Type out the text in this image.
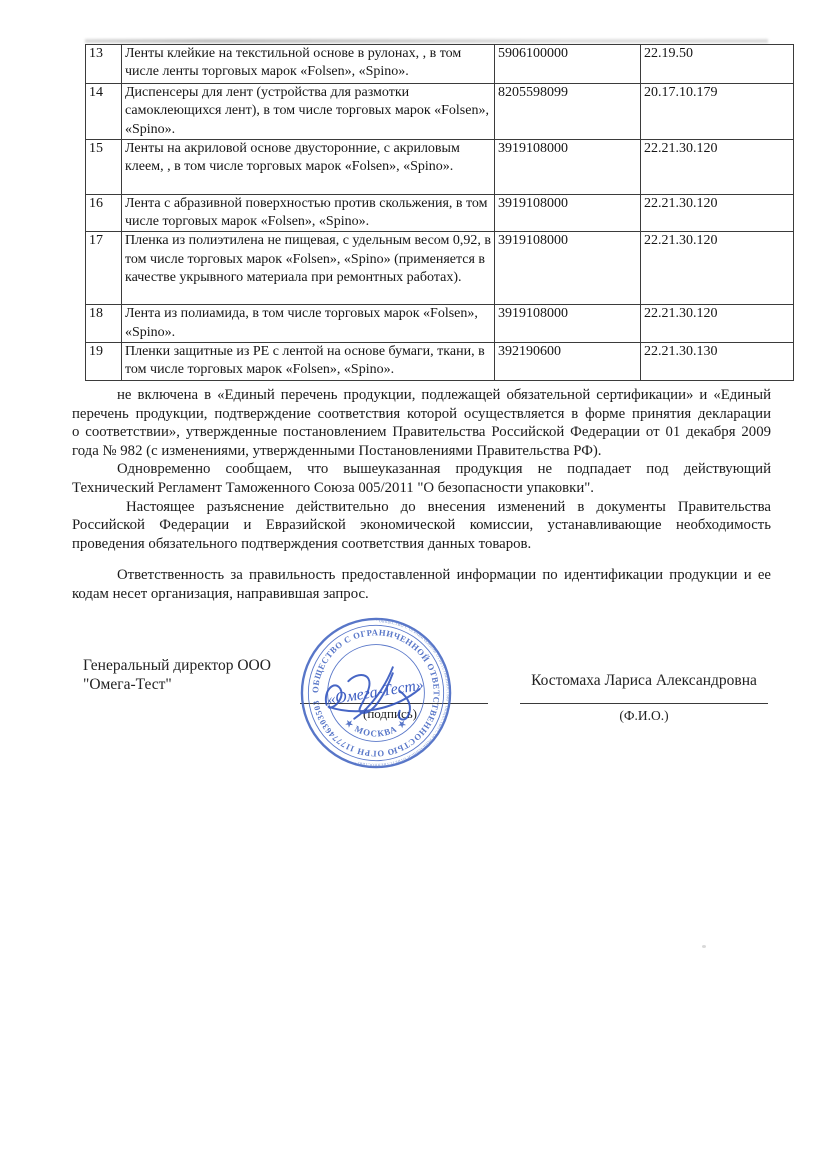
13	Ленты клейкие на текстильной основе в рулонах, , в том числе ленты торговых марок «Folsen», «Spino».	5906100000	22.19.50
14	Диспенсеры для лент (устройства для размотки самоклеющихся лент), в том числе торговых марок «Folsen», «Spino».	8205598099	20.17.10.179
15	Ленты на акриловой основе двусторонние, с акриловым клеем, , в том числе торговых марок «Folsen», «Spino».	3919108000	22.21.30.120
16	Лента с абразивной поверхностью против скольжения, в том числе торговых марок «Folsen», «Spino».	3919108000	22.21.30.120
17	Пленка из полиэтилена не пищевая, с удельным весом 0,92, в том числе торговых марок «Folsen», «Spino» (применяется в качестве укрывного материала при ремонтных работах).	3919108000	22.21.30.120
18	Лента из полиамида, в том числе торговых марок «Folsen», «Spino».	3919108000	22.21.30.120
19	Пленки защитные из PE с лентой на основе бумаги, ткани, в том числе торговых марок «Folsen», «Spino».	392190600	22.21.30.130
не включена в «Единый перечень продукции, подлежащей обязательной сертификации» и «Единый
перечень продукции, подтверждение соответствия которой осуществляется в форме принятия декларации
о соответствии», утвержденные постановлением Правительства Российской Федерации от 01 декабря 2009
года № 982 (с изменениями, утвержденными Постановлениями Правительства РФ).
Одновременно сообщаем, что вышеуказанная продукция не подпадает под действующий
Технический Регламент Таможенного Союза 005/2011 "О безопасности упаковки".
Настоящее разъяснение действительно до внесения изменений в документы Правительства
Российской Федерации и Евразийской экономической комиссии, устанавливающие необходимость
проведения обязательного подтверждения соответствия данных товаров.
Ответственность за правильность предоставленной информации по идентификации продукции и ее
кодам несет организация, направившая запрос.
Генеральный директор ООО
"Омега-Тест"
(подпись)
Костомаха Лариса Александровна
(Ф.И.О.)
· ОБЩЕСТВО С ОГРАНИЧЕННОЙ ОТВЕТСТВЕННОСТЬЮ · ОБЩЕСТВО С ОГРАНИЧЕННОЙ ОТВЕТСТВЕННОСТЬЮ ·
ОБЩЕСТВО С ОГРАНИЧЕННОЙ ОТВЕТСТВЕННОСТЬЮ ОГРН 1177746303503
★ МОСКВА ★
«Омега-Тест»
